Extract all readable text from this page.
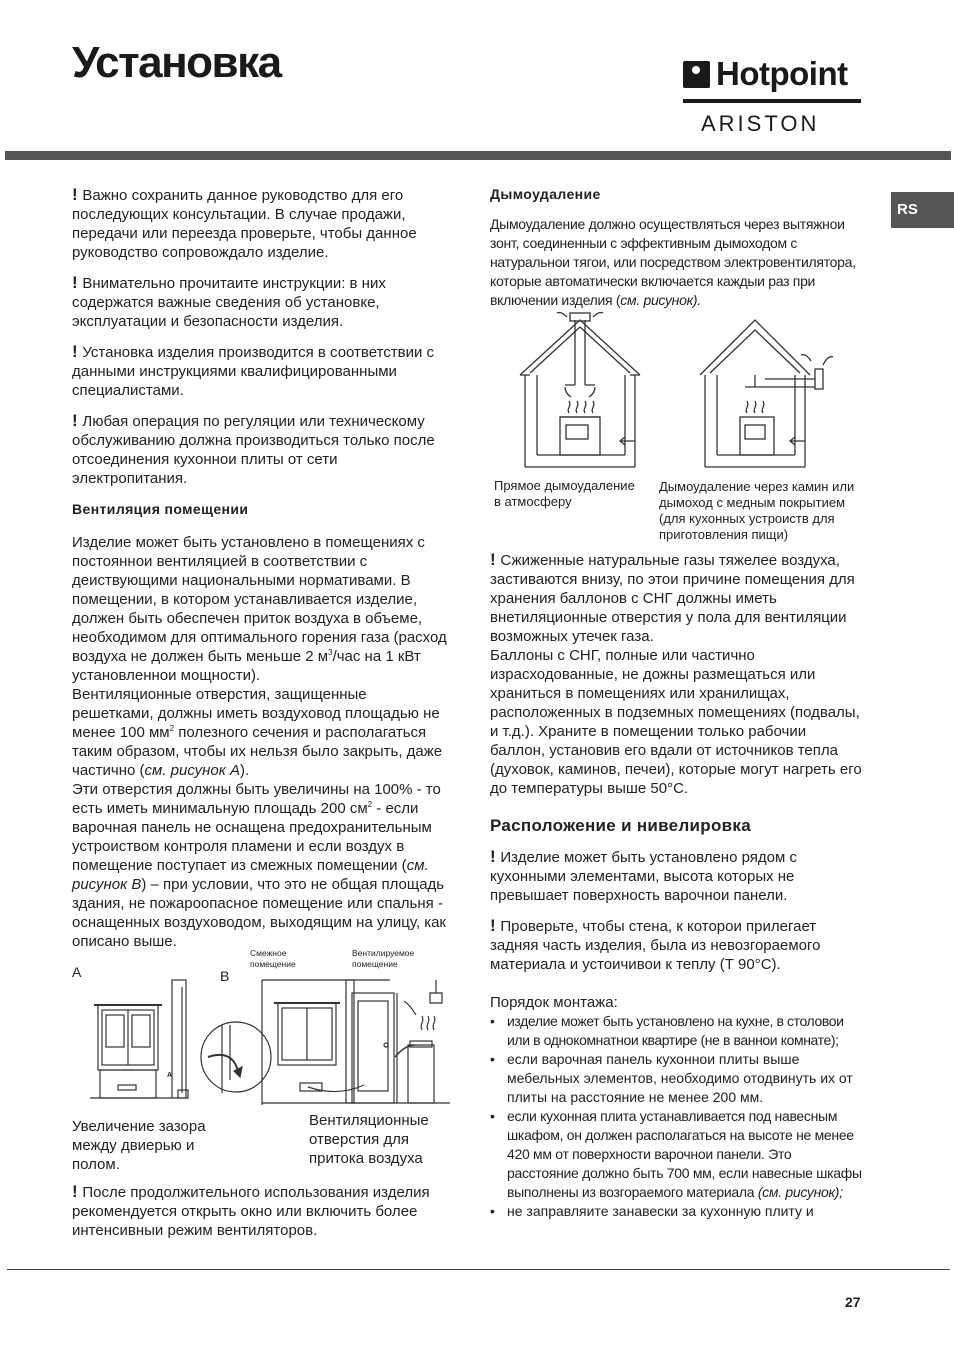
Установка	Hotpoint
ARISTON
RS

! Важно сохранить данное руководство для его последующих консультации. В случае продажи, передачи или переезда проверьте, чтобы данное руководство сопровождало изделие.

! Внимательно прочитаите инструкции: в них содержатся важные сведения об установке, эксплуатации и безопасности изделия.

! Установка изделия производится в соответствии с данными инструкциями квалифицированными специалистами.

! Любая операция по регуляции или техническому обслуживанию должна производиться только после отсоединения кухоннои плиты от сети электропитания.

Вентиляция помещении

Изделие может быть установлено в помещениях с постояннои вентиляцией в соответствии с деиствующими национальными нормативами. В помещении, в котором устанавливается изделие, должен быть обеспечен приток воздуха в объеме, необходимом для оптимального горения газа (расход воздуха не должен быть меньше 2 $м^3$/час на 1 кВт установленнои мощности).

Вентиляционные отверстия, защищенные решетками, должны иметь воздуховод площадью не менее 100 $мм^2$ полезного сечения и располагаться таким образом, чтобы их нельзя было закрыть, даже частично (см. рисунок А).

Эти отверстия должны быть увеличины на 100% - то есть иметь минимальную площадь 200 $см^2$ - если варочная панель не оснащена предохранительным устроиством контроля пламени и если воздух в помещение поступает из смежных помещении (см. рисунок В) – при условии, что это не общая площадь здания, не пожароопасное помещение или спальня - оснащенных воздуховодом, выходящим на улицу, как описано выше.

A	B
Смежное помещение
Вентилируемое помещение
A
Увеличение зазора между двиерью и полом.
Вентиляционные отверстия для притока воздуха
! После продолжительного использования изделия рекомендуется открыть окно или включить более интенсивныи режим вентиляторов.
Дымоудаление
Дымоудаление должно осуществляться через вытяжнои зонт, соединенныи с эффективным дымоходом с натуральнои тягои, или посредством электровентилятора, которые автоматически включается каждыи раз при включении изделия (см. рисунок).
Прямое дымоудаление в атмосферу
Дымоудаление через камин или дымоход с медным покрытием (для кухонных устроиств для приготовления пищи)

! Сжиженные натуральные газы тяжелее воздуха, застиваются внизу, по этои причине помещения для хранения баллонов с СНГ должны иметь внетиляционные отверстия у пола для вентиляции возможных утечек газа.

Баллоны с СНГ, полные или частично израсходованные, не дожны размещаться или храниться в помещениях или хранилищах, расположенных в подземных помещениях (подвалы, и т.д.). Храните в помещении только рабочии баллон, установив его вдали от источников тепла (духовок, каминов, печеи), которые могут нагреть его до температуры выше 50°С.

Расположение и нивелировка

! Изделие может быть установлено рядом с кухонными элементами, высота которых не превышает поверхность варочнои панели.

! Проверьте, чтобы стена, к которои прилегает задняя часть изделия, была из невозгораемого материала и устоичивои к теплу (Т 90°С).

Порядок монтажа:

• изделие может быть установлено на кухне, в столовои или в однокомнатнои квартире (не в ваннои комнате);
• если варочная панель кухоннои плиты выше мебельных элементов, необходимо отодвинуть их от плиты на расстояние не менее 200 мм.
• если кухонная плита устанавливается под навесным шкафом, он должен располагаться на высоте не менее 420 мм от поверхности варочнои панели. Это расстояние должно быть 700 мм, если навесные шкафы выполнены из возгораемого материала (см. рисунок);
• не заправляите занавески за кухонную плиту и
27
